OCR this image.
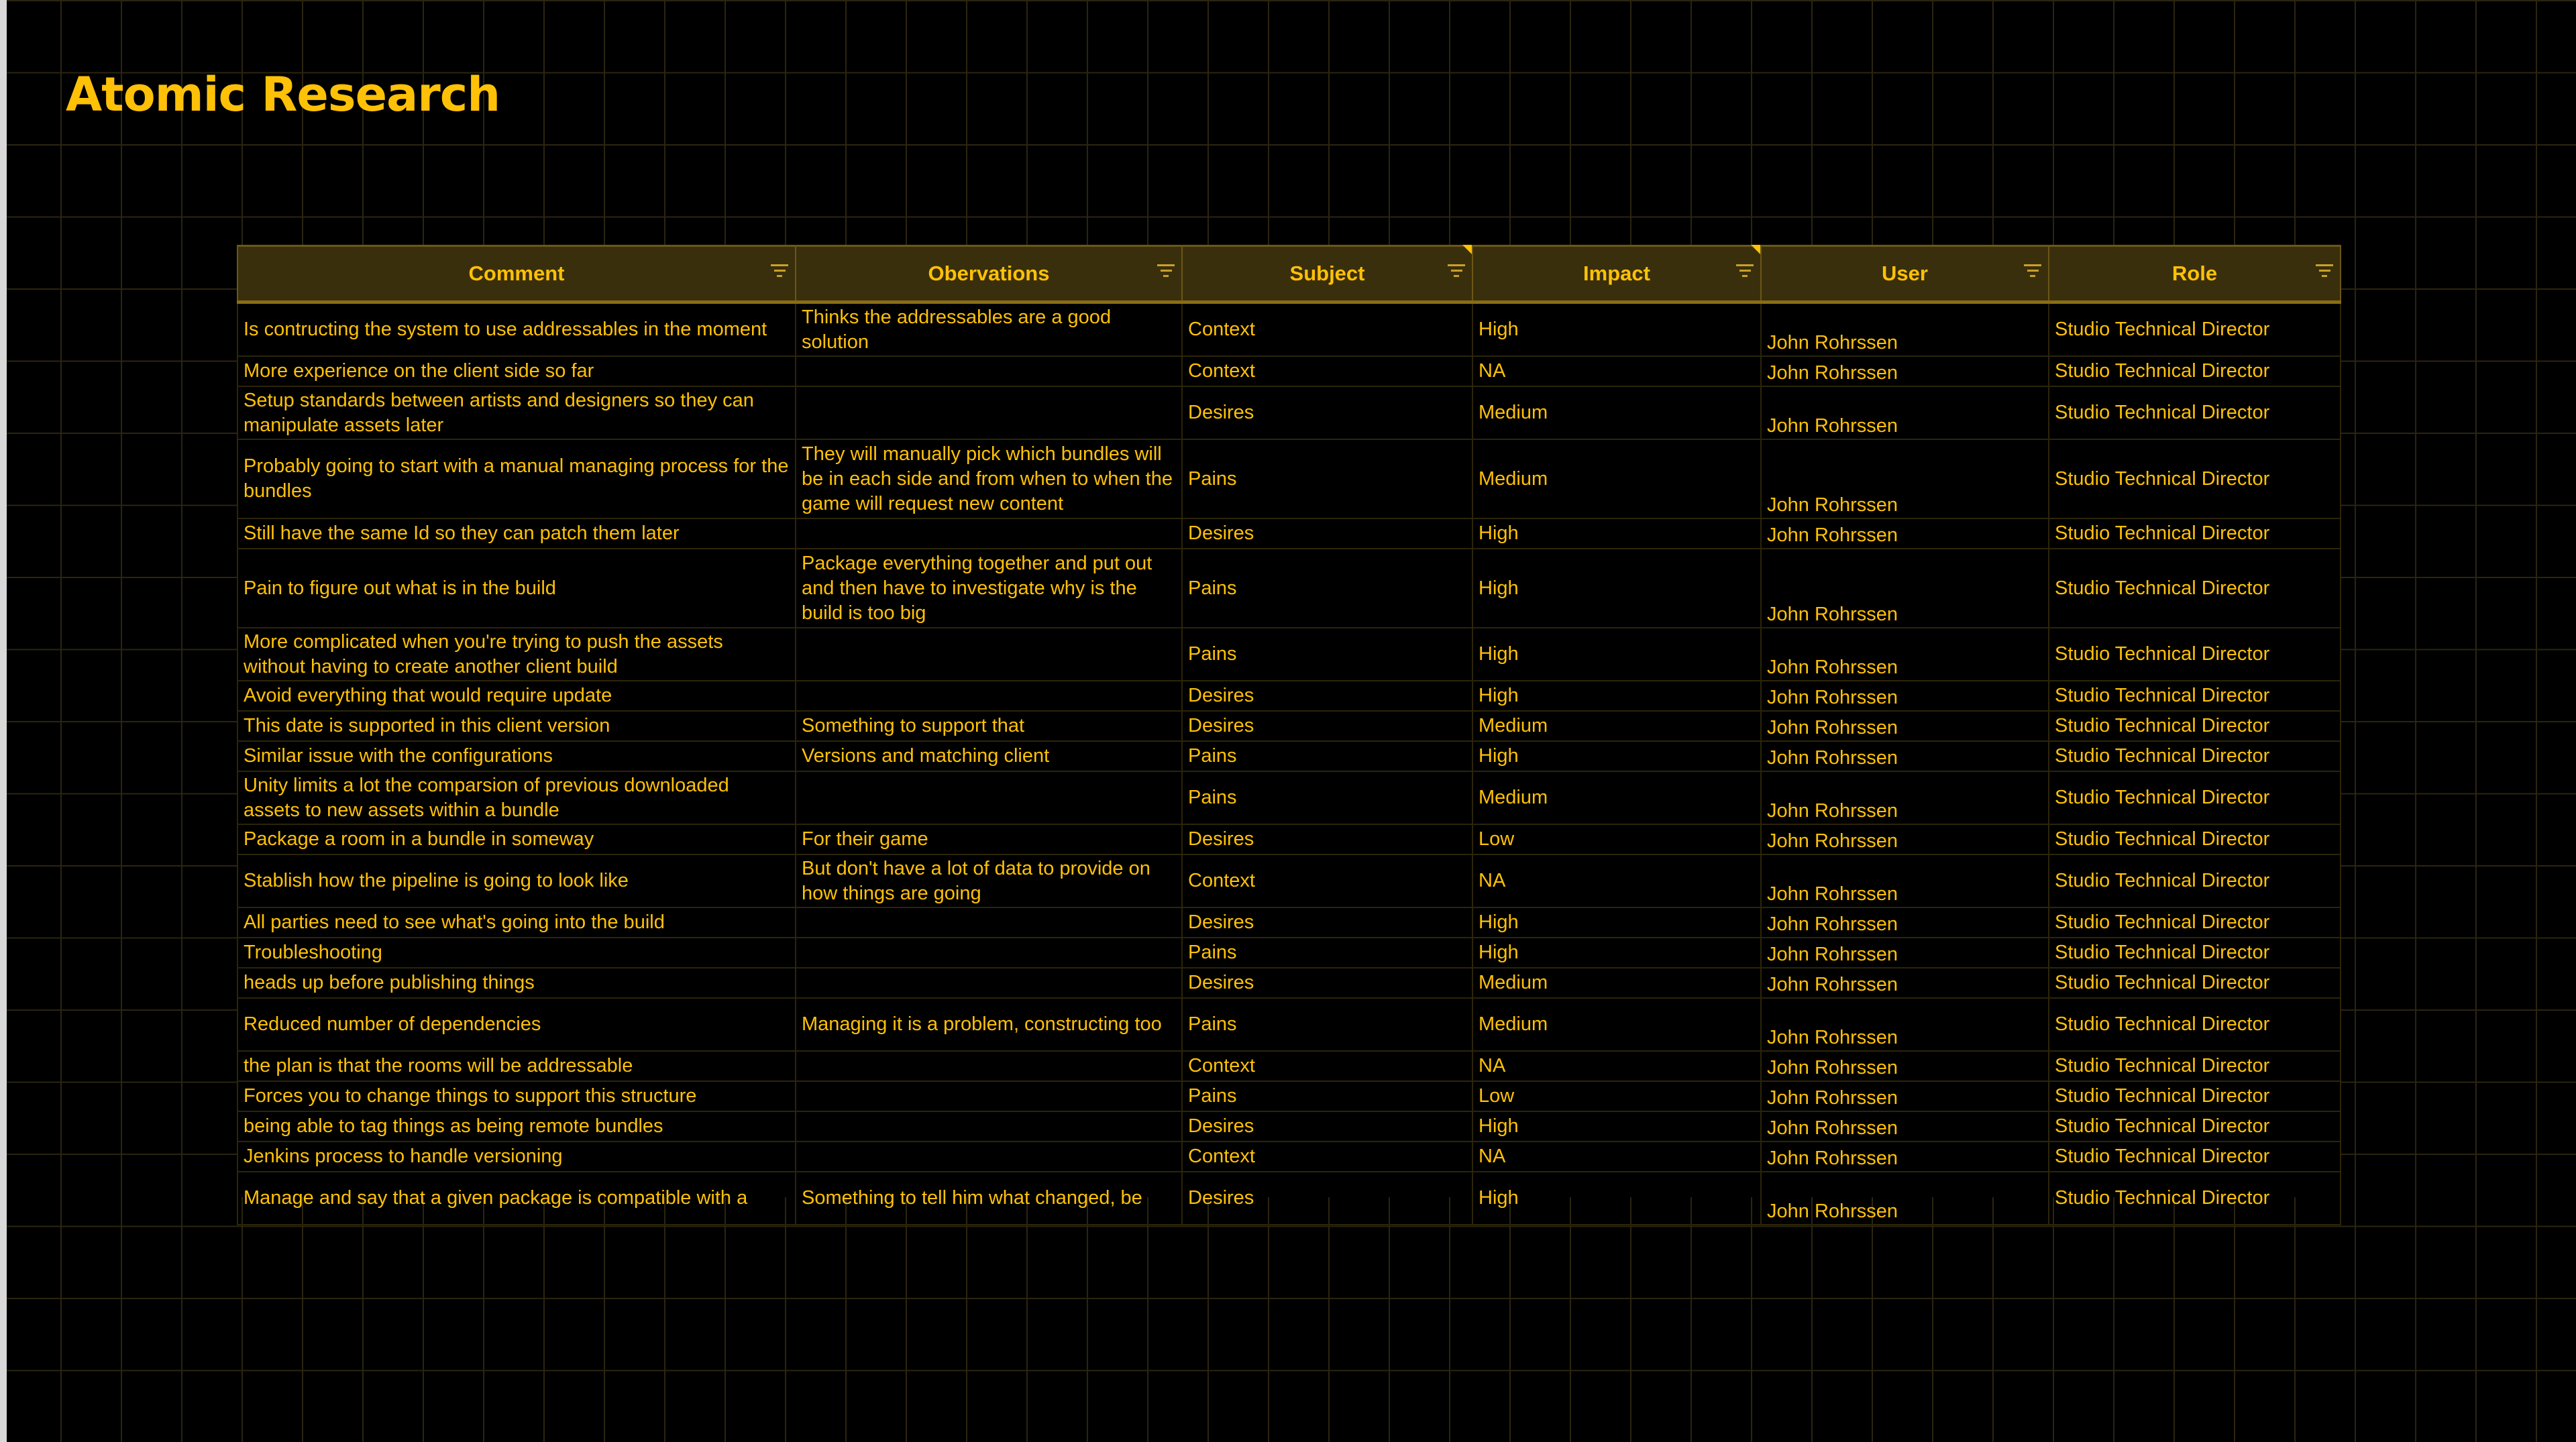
Atomic Research
Comment	Obervations	Subject	Impact	User	Role

Is contructing the system to use addressables in the moment	Thinks the addressables are a good solution	Context	High	John Rohrssen	Studio Technical Director
More experience on the client side so far		Context	NA	John Rohrssen	Studio Technical Director
Setup standards between artists and designers so they can manipulate assets later		Desires	Medium	John Rohrssen	Studio Technical Director
Probably going to start with a manual managing process for the bundles	They will manually pick which bundles will be in each side and from when to when the game will request new content	Pains	Medium	John Rohrssen	Studio Technical Director
Still have the same Id so they can patch them later		Desires	High	John Rohrssen	Studio Technical Director
Pain to figure out what is in the build	Package everything together and put out and then have to investigate why is the build is too big	Pains	High	John Rohrssen	Studio Technical Director
More complicated when you're trying to push the assets without having to create another client build		Pains	High	John Rohrssen	Studio Technical Director
Avoid everything that would require update		Desires	High	John Rohrssen	Studio Technical Director
This date is supported in this client version	Something to support that	Desires	Medium	John Rohrssen	Studio Technical Director
Similar issue with the configurations	Versions and matching client	Pains	High	John Rohrssen	Studio Technical Director
Unity limits a lot the comparsion of previous downloaded assets to new assets within a bundle		Pains	Medium	John Rohrssen	Studio Technical Director
Package a room in a bundle in someway	For their game	Desires	Low	John Rohrssen	Studio Technical Director
Stablish how the pipeline is going to look like	But don't have a lot of data to provide on how things are going	Context	NA	John Rohrssen	Studio Technical Director
All parties need to see what's going into the build		Desires	High	John Rohrssen	Studio Technical Director
Troubleshooting		Pains	High	John Rohrssen	Studio Technical Director
heads up before publishing things		Desires	Medium	John Rohrssen	Studio Technical Director
Reduced number of dependencies	Managing it is a problem, constructing too	Pains	Medium	John Rohrssen	Studio Technical Director
the plan is that the rooms will be addressable		Context	NA	John Rohrssen	Studio Technical Director
Forces you to change things to support this structure		Pains	Low	John Rohrssen	Studio Technical Director
being able to tag things as being remote bundles		Desires	High	John Rohrssen	Studio Technical Director
Jenkins process to handle versioning		Context	NA	John Rohrssen	Studio Technical Director
Manage and say that a given package is compatible with a	Something to tell him what changed, be	Desires	High	John Rohrssen	Studio Technical Director
